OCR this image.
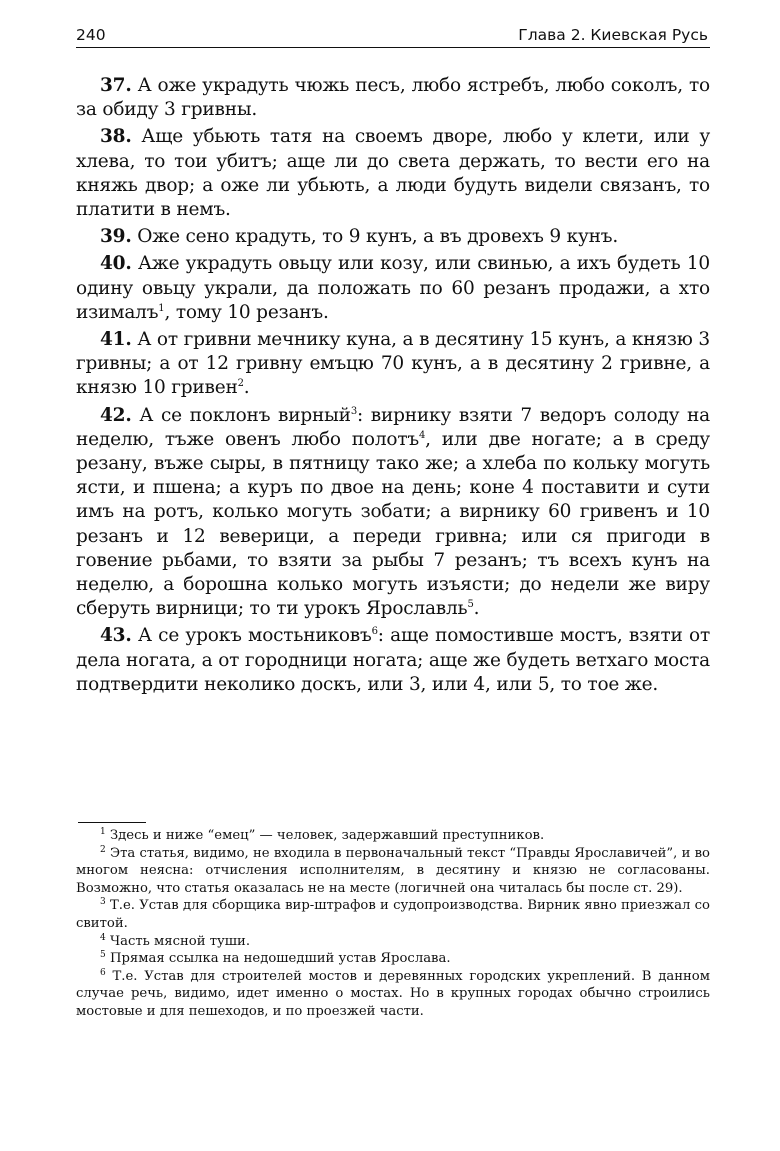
240	Глава 2. Киевская Русь

37. А оже украдуть чюжь песъ, любо ястребъ, любо соколъ, то за обиду 3 гривны.

38. Аще убьють татя на своемъ дворе, любо у клети, или у хлева, то тои убитъ; аще ли до света держать, то вести его на княжь двор; а оже ли убьють, а люди будуть видели связанъ, то платити в немъ.

39. Оже сено крадуть, то 9 кунъ, а въ дровехъ 9 кунъ.

40. Аже украдуть овьцу или козу, или свинью, а ихъ будеть 10 одину овьцу украли, да положать по 60 резанъ продажи, а хто изималъ$^1$, тому 10 резанъ.

41. А от гривни мечнику куна, а в десятину 15 кунъ, а князю 3 гривны; а от 12 гривну емъцю 70 кунъ, а в десятину 2 гривне, а князю 10 гривен$^2$.

42. А се поклонъ вирный$^3$: вирнику взяти 7 ведоръ солоду на неделю, тъже овенъ любо полотъ$^4$, или две ногате; а в среду резану, въже сыры, в пятницу тако же; а хлеба по кольку могуть ясти, и пшена; а куръ по двое на день; коне 4 поставити и сути имъ на ротъ, колько могуть зобати; а вирнику 60 гривенъ и 10 резанъ и 12 веверици, а переди гривна; или ся пригоди в говение рьбами, то взяти за рыбы 7 резанъ; тъ всехъ кунъ на неделю, а борошна колько могуть изъясти; до недели же виру сберуть вирници; то ти урокъ Ярославль$^5$.

43. А се урокъ мостьниковъ$^6$: аще помостивше мостъ, взяти от дела ногата, а от городници ногата; аще же будеть ветхаго моста подтвердити неколико доскъ, или 3, или 4, или 5, то тое же.

$^1$ Здесь и ниже “емец” — человек, задержавший преступников.

$^2$ Эта статья, видимо, не входила в первоначальный текст “Правды Ярославичей”, и во многом неясна: отчисления исполнителям, в десятину и князю не согласованы. Возможно, что статья оказалась не на месте (логичней она читалась бы после ст. 29).

$^3$ Т.е. Устав для сборщика вир-штрафов и судопроизводства. Вирник явно приезжал со свитой.

$^4$ Часть мясной туши.

$^5$ Прямая ссылка на недошедший устав Ярослава.

$^6$ Т.е. Устав для строителей мостов и деревянных городских укреплений. В данном случае речь, видимо, идет именно о мостах. Но в крупных городах обычно строились мостовые и для пешеходов, и по проезжей части.
